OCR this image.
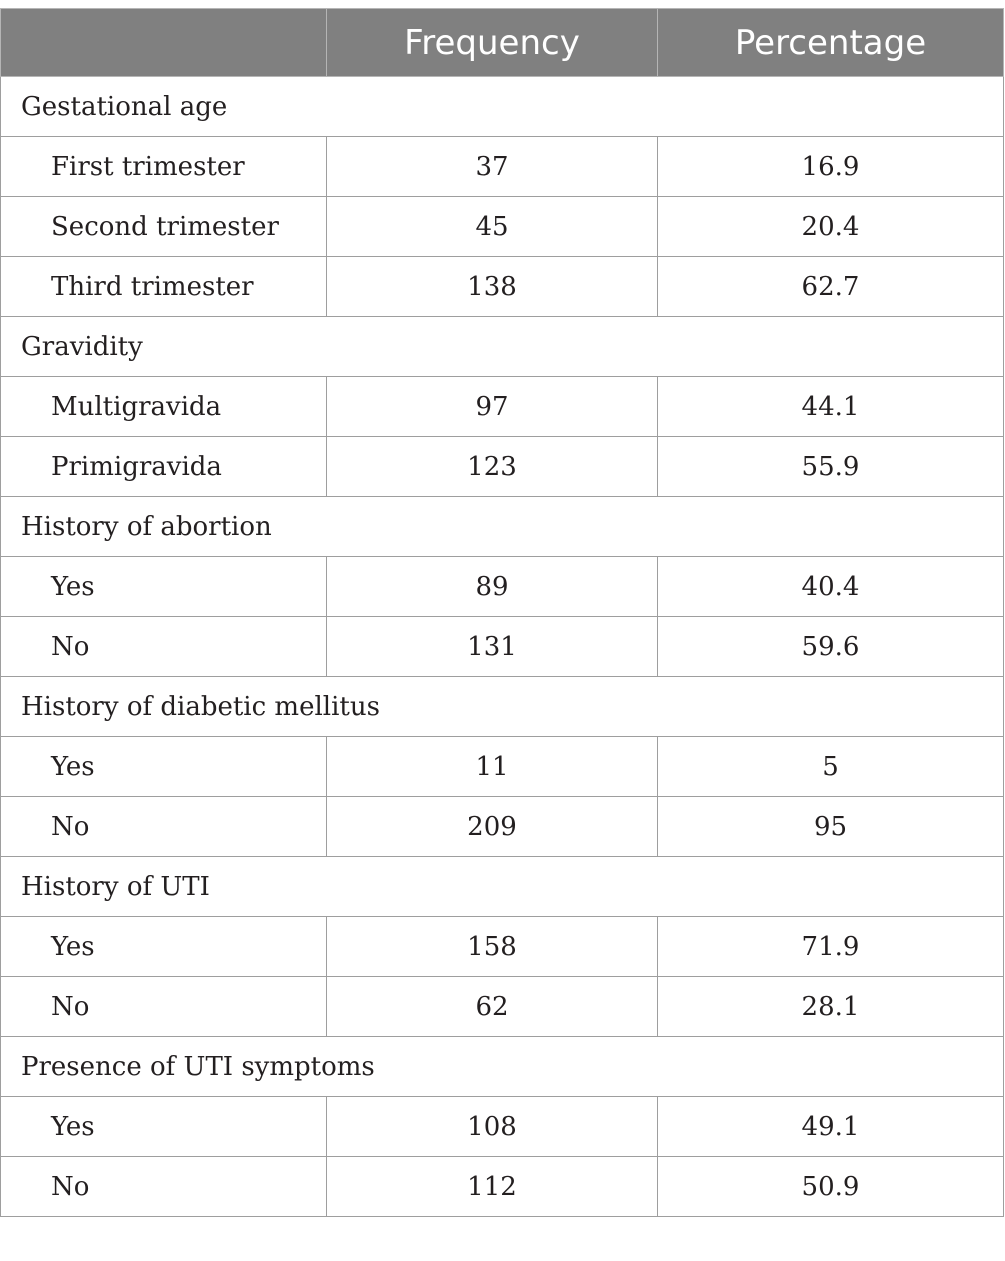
	Frequency	Percentage
Gestational age		
First trimester	37	16.9
Second trimester	45	20.4
Third trimester	138	62.7
Gravidity		
Multigravida	97	44.1
Primigravida	123	55.9
History of abortion		
Yes	89	40.4
No	131	59.6
History of diabetic mellitus		
Yes	11	5
No	209	95
History of UTI		
Yes	158	71.9
No	62	28.1
Presence of UTI symptoms		
Yes	108	49.1
No	112	50.9
